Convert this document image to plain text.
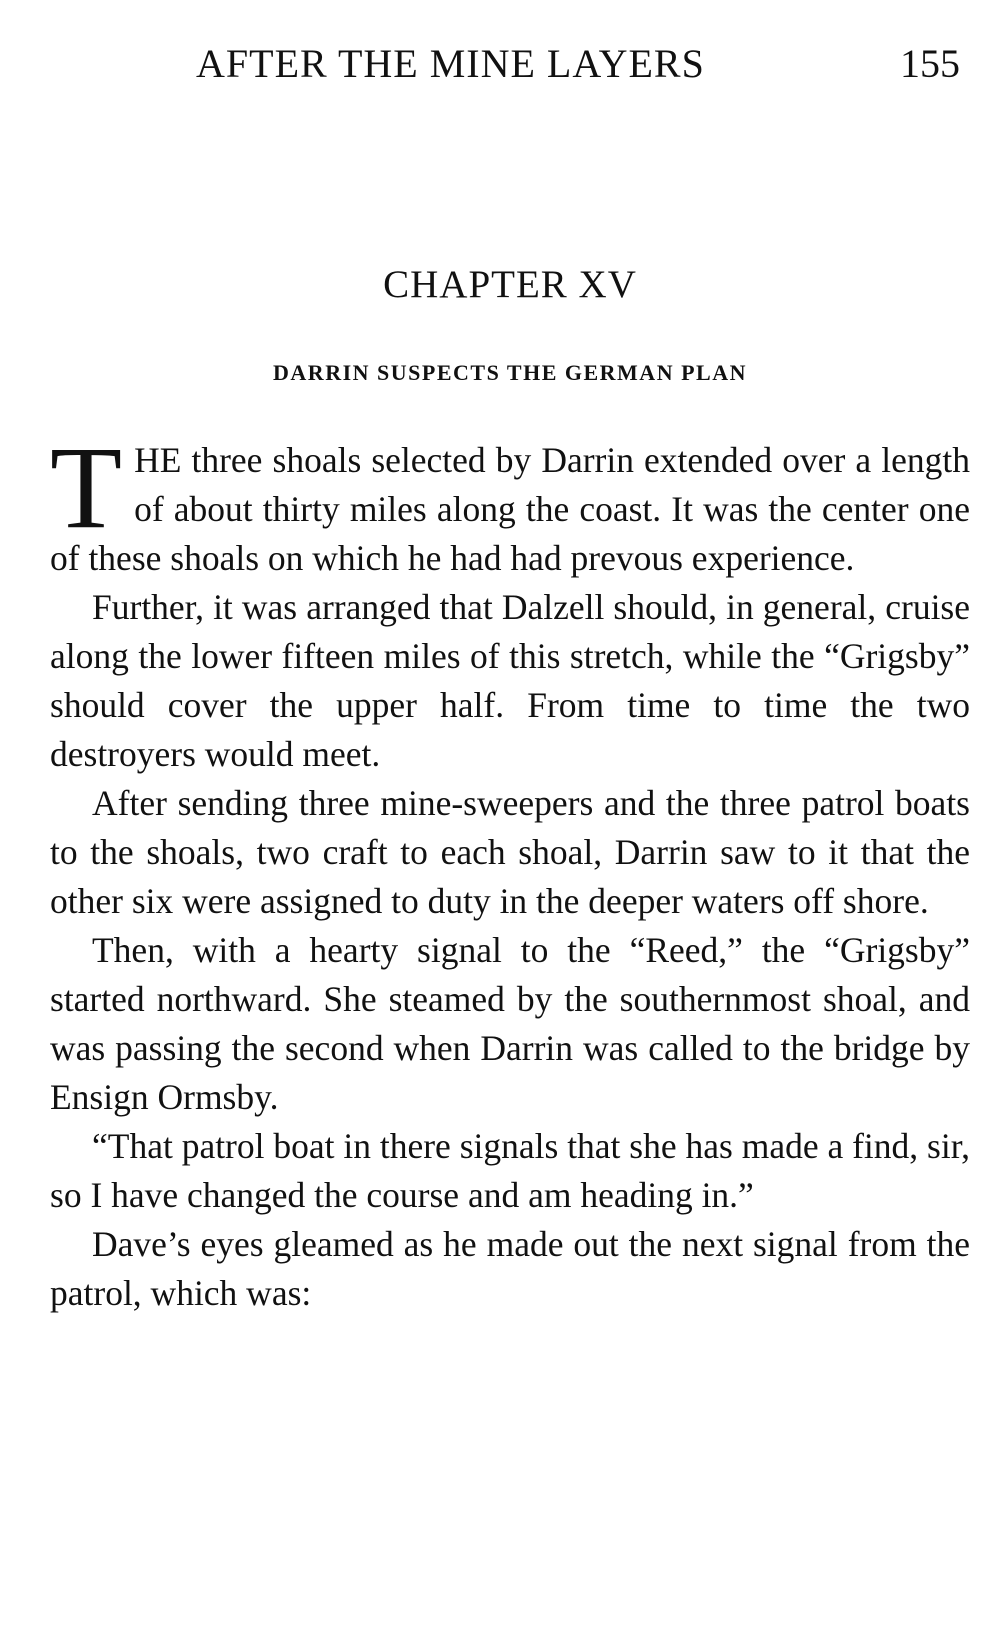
AFTER THE MINE LAYERS	155
CHAPTER XV
DARRIN SUSPECTS THE GERMAN PLAN

THE three shoals selected by Darrin extended over a length of about thirty miles along the coast. It was the center one of these shoals on which he had had prevous experience.

Further, it was arranged that Dalzell should, in general, cruise along the lower fifteen miles of this stretch, while the “Grigsby” should cover the upper half. From time to time the two destroyers would meet.

After sending three mine-sweepers and the three patrol boats to the shoals, two craft to each shoal, Darrin saw to it that the other six were assigned to duty in the deeper waters off shore.

Then, with a hearty signal to the “Reed,” the “Grigsby” started northward. She steamed by the southernmost shoal, and was passing the second when Darrin was called to the bridge by Ensign Ormsby.

“That patrol boat in there signals that she has made a find, sir, so I have changed the course and am heading in.”

Dave’s eyes gleamed as he made out the next signal from the patrol, which was:
